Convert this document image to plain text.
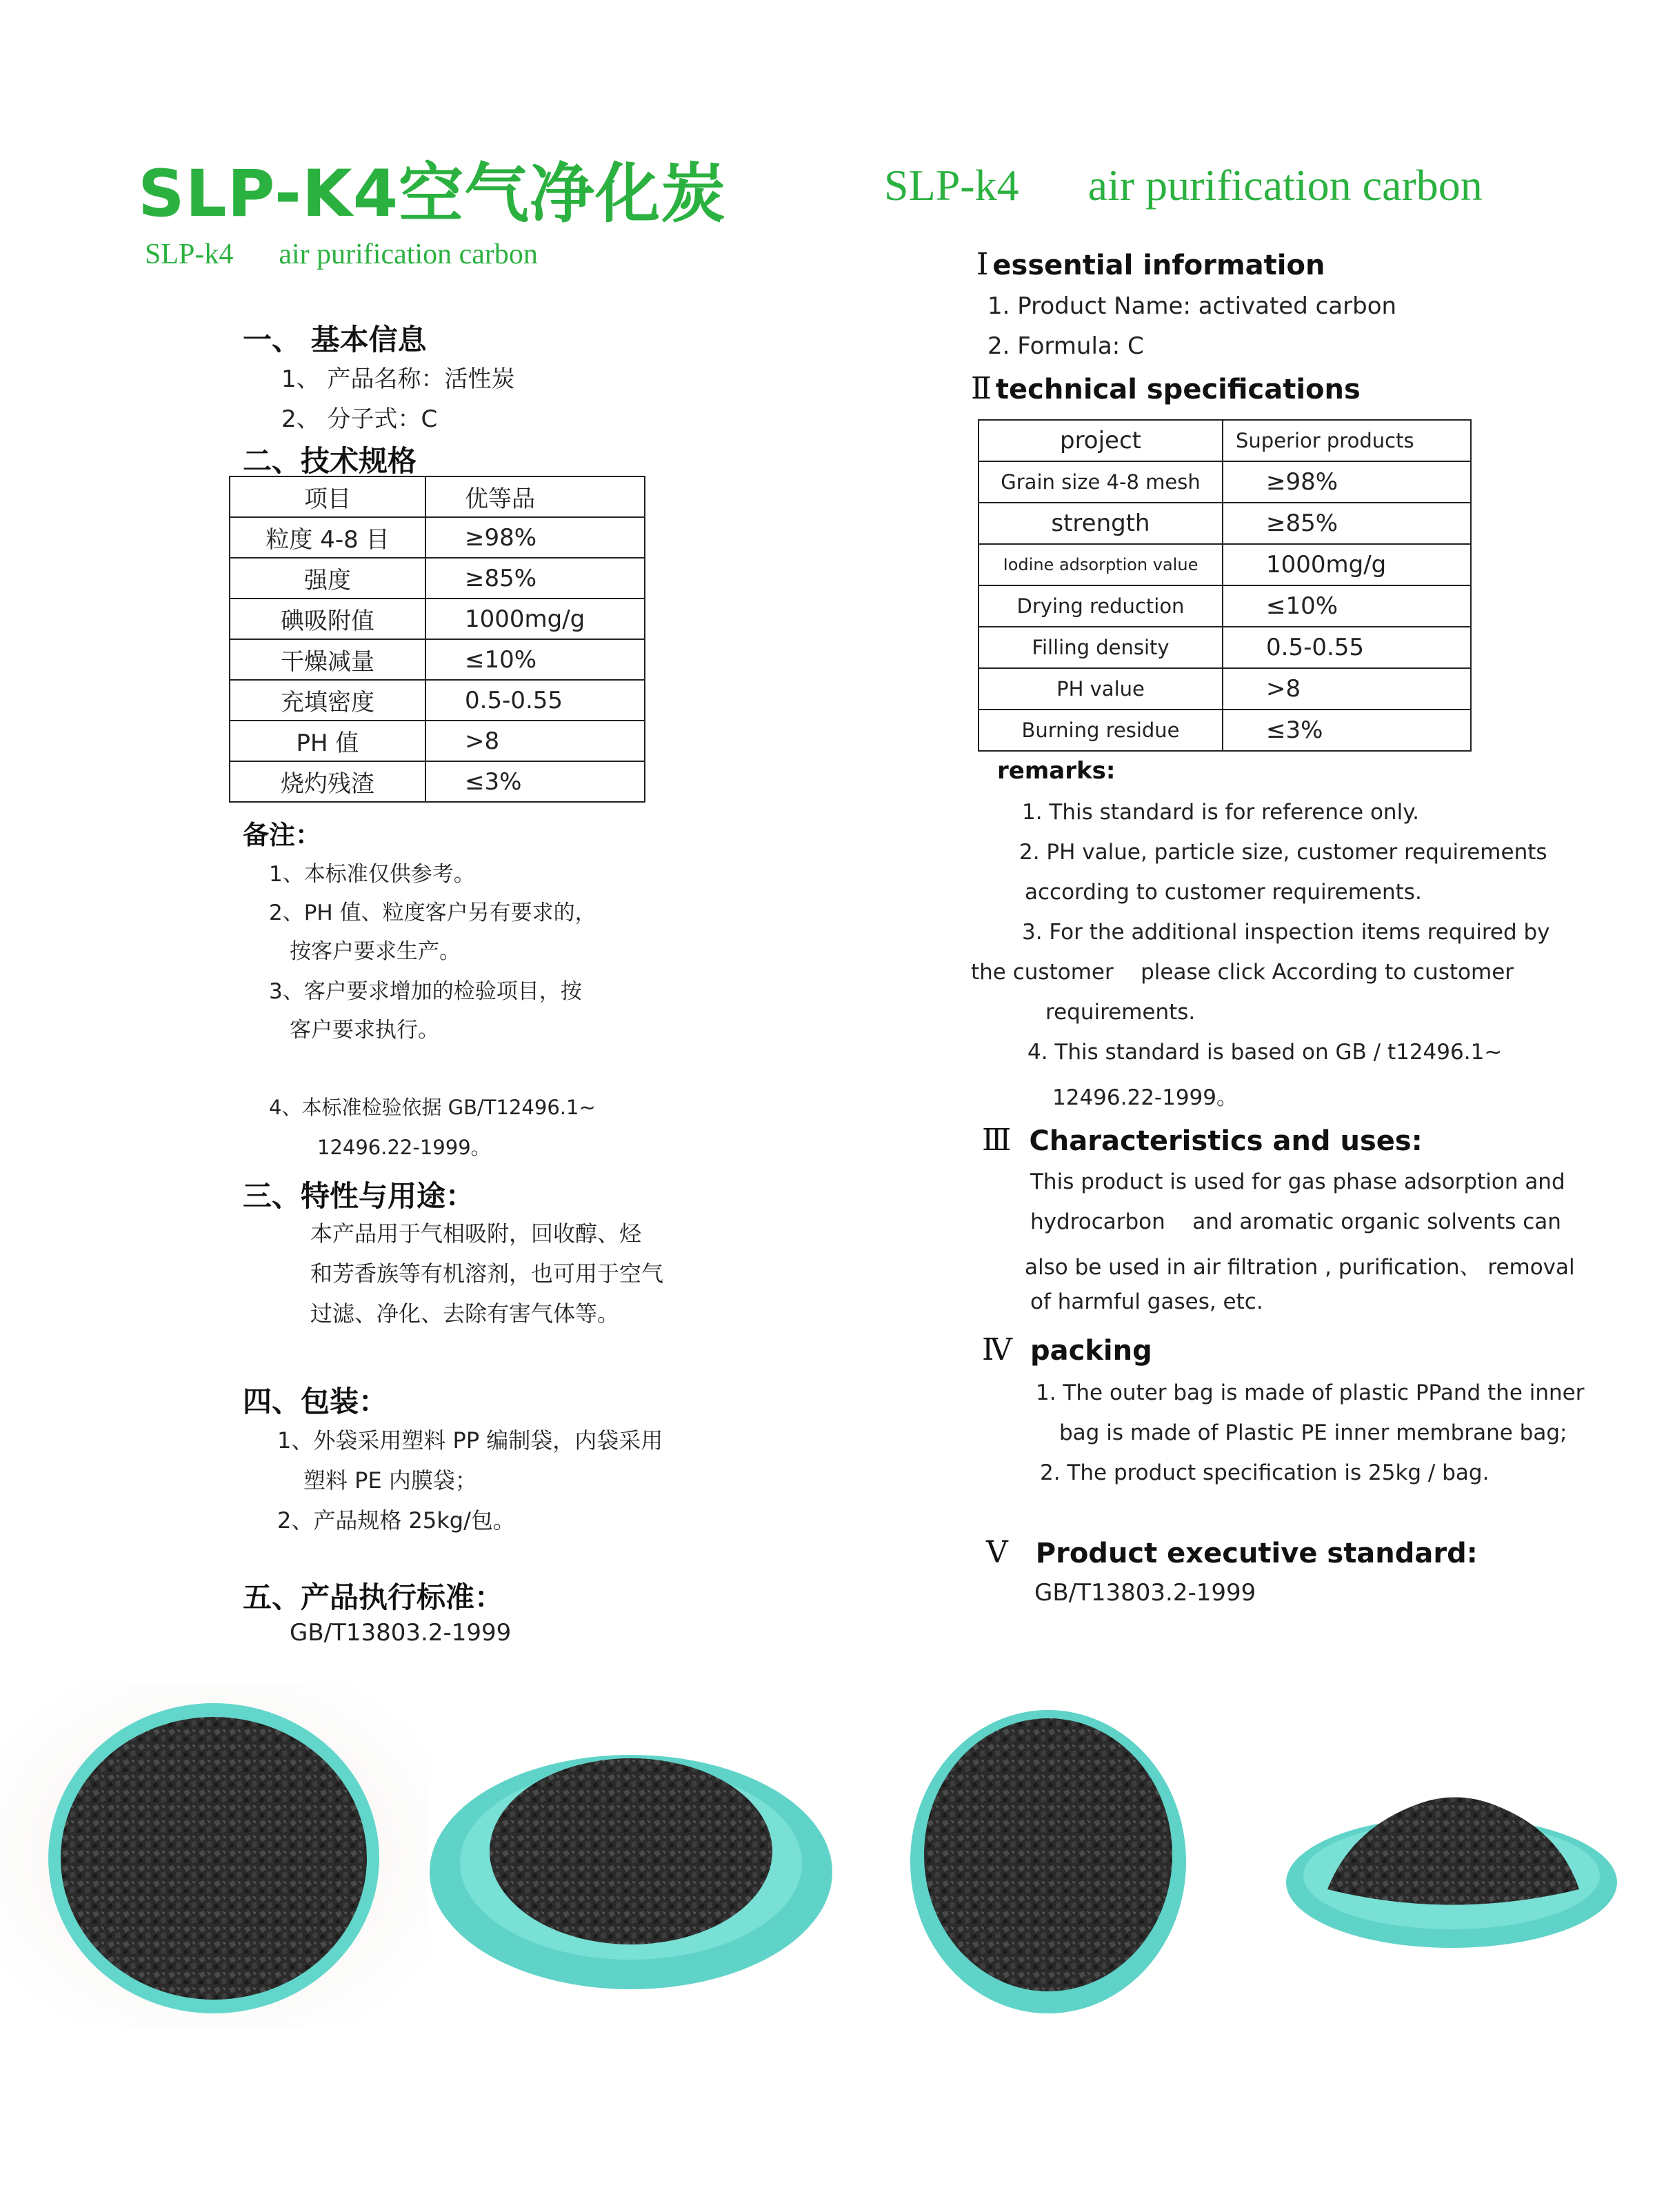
SLP-K4空气净化炭
SLP-k4 air purification carbon
SLP-k4 air purification carbon
一、 基本信息
1、 产品名称：活性炭
2、 分子式：C
二、技术规格
项目	优等品
粒度 4-8 目	≥98%
强度	≥85%
碘吸附值	1000mg/g
干燥减量	≤10%
充填密度	0.5-0.55
PH 值	>8
烧灼残渣	≤3%
备注：
1、本标准仅供参考。
2、PH 值、粒度客户另有要求的，
按客户要求生产。
3、客户要求增加的检验项目，按
客户要求执行。
4、本标准检验依据 GB/T12496.1~
12496.22-1999。
三、特性与用途：
本产品用于气相吸附，回收醇、烃
和芳香族等有机溶剂，也可用于空气
过滤、净化、去除有害气体等。
四、包装：
1、外袋采用塑料 PP 编制袋，内袋采用
塑料 PE 内膜袋；
2、产品规格 25kg/包。
五、产品执行标准：
GB/T13803.2-1999
Ⅰ essential information
1. Product Name: activated carbon
2. Formula: C
Ⅱ technical specifications
project	Superior products
Grain size 4-8 mesh	≥98%
strength	≥85%
Iodine adsorption value	1000mg/g
Drying reduction	≤10%
Filling density	0.5-0.55
PH value	>8
Burning residue	≤3%
remarks:
1. This standard is for reference only.
2. PH value, particle size, customer requirements
according to customer requirements.
3. For the additional inspection items required by
the customer    please click According to customer
requirements.
4. This standard is based on GB / t12496.1~
12496.22-1999。
Ⅲ Characteristics and uses:
This product is used for gas phase adsorption and
hydrocarbon    and aromatic organic solvents can
also be used in air filtration , purification、 removal
of harmful gases, etc.
Ⅳ packing
1. The outer bag is made of plastic PPand the inner
bag is made of Plastic PE inner membrane bag;
2. The product specification is 25kg / bag.
Ⅴ Product executive standard:
GB/T13803.2-1999
